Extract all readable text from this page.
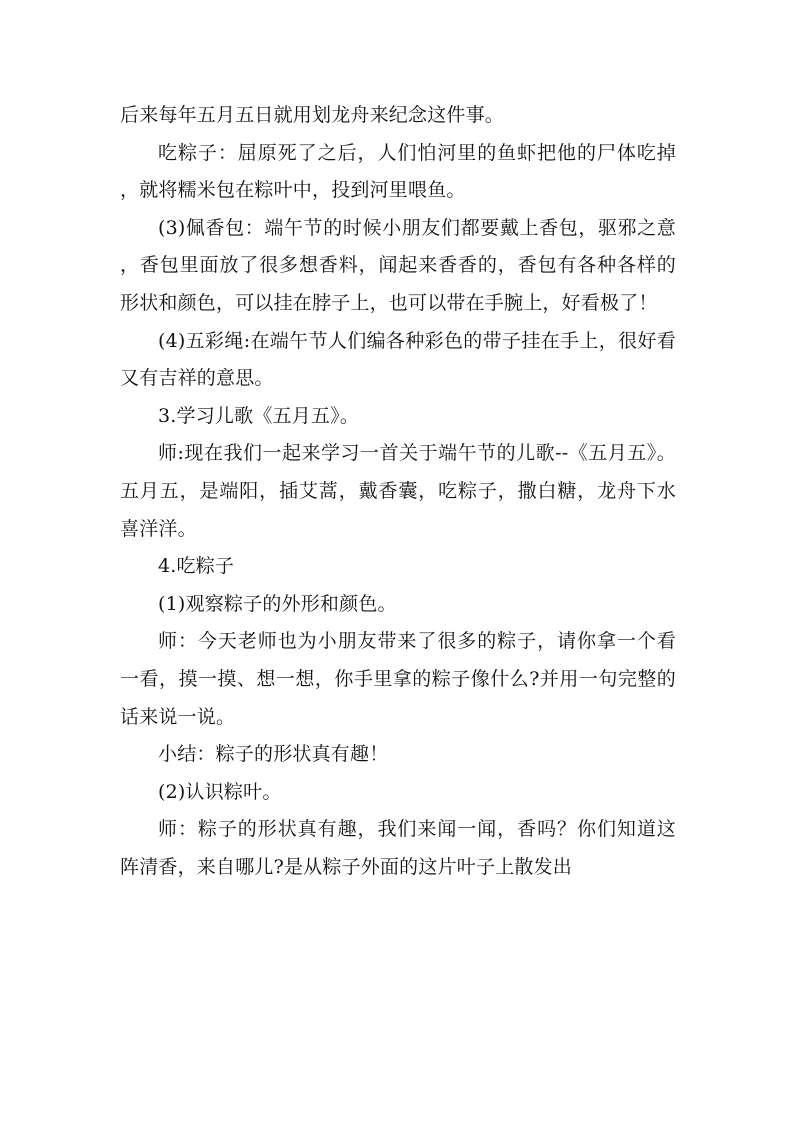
后来每年五月五日就用划龙舟来纪念这件事。

吃粽子：屈原死了之后，人们怕河里的鱼虾把他的尸体吃掉，就将糯米包在粽叶中，投到河里喂鱼。

(3)佩香包：端午节的时候小朋友们都要戴上香包，驱邪之意，香包里面放了很多想香料，闻起来香香的，香包有各种各样的形状和颜色，可以挂在脖子上，也可以带在手腕上，好看极了！

(4)五彩绳:在端午节人们编各种彩色的带子挂在手上，很好看又有吉祥的意思。

3.学习儿歌《五月五》。

师:现在我们一起来学习一首关于端午节的儿歌--《五月五》。五月五，是端阳，插艾蒿，戴香囊，吃粽子，撒白糖，龙舟下水喜洋洋。

4.吃粽子

(1)观察粽子的外形和颜色。

师：今天老师也为小朋友带来了很多的粽子，请你拿一个看一看，摸一摸、想一想，你手里拿的粽子像什么?并用一句完整的话来说一说。

小结：粽子的形状真有趣！

(2)认识粽叶。

师：粽子的形状真有趣，我们来闻一闻，香吗？你们知道这阵清香，来自哪儿?是从粽子外面的这片叶子上散发出
